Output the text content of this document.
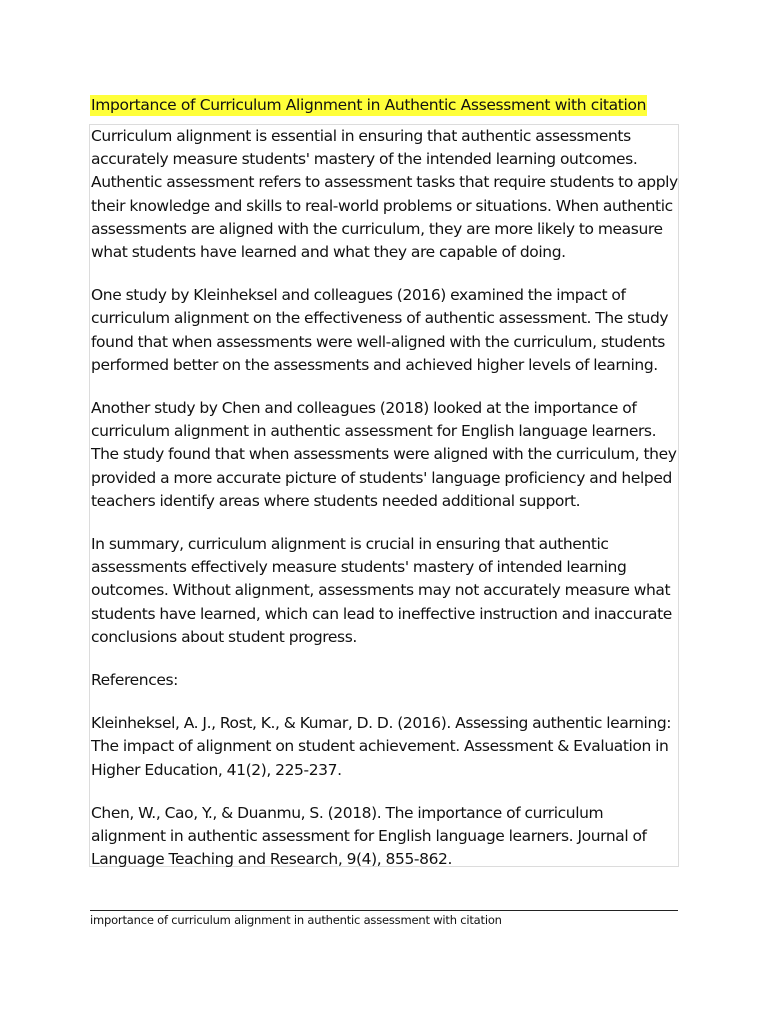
Importance of Curriculum Alignment in Authentic Assessment with citation

Curriculum alignment is essential in ensuring that authentic assessments accurately measure students' mastery of the intended learning outcomes. Authentic assessment refers to assessment tasks that require students to apply their knowledge and skills to real-world problems or situations. When authentic assessments are aligned with the curriculum, they are more likely to measure what students have learned and what they are capable of doing.

One study by Kleinheksel and colleagues (2016) examined the impact of curriculum alignment on the effectiveness of authentic assessment. The study found that when assessments were well-aligned with the curriculum, students performed better on the assessments and achieved higher levels of learning.

Another study by Chen and colleagues (2018) looked at the importance of curriculum alignment in authentic assessment for English language learners. The study found that when assessments were aligned with the curriculum, they provided a more accurate picture of students' language proficiency and helped teachers identify areas where students needed additional support.

In summary, curriculum alignment is crucial in ensuring that authentic assessments effectively measure students' mastery of intended learning outcomes. Without alignment, assessments may not accurately measure what students have learned, which can lead to ineffective instruction and inaccurate conclusions about student progress.

References:

Kleinheksel, A. J., Rost, K., & Kumar, D. D. (2016). Assessing authentic learning: The impact of alignment on student achievement. Assessment & Evaluation in Higher Education, 41(2), 225-237.

Chen, W., Cao, Y., & Duanmu, S. (2018). The importance of curriculum alignment in authentic assessment for English language learners. Journal of Language Teaching and Research, 9(4), 855-862.

importance of curriculum alignment in authentic assessment with citation
